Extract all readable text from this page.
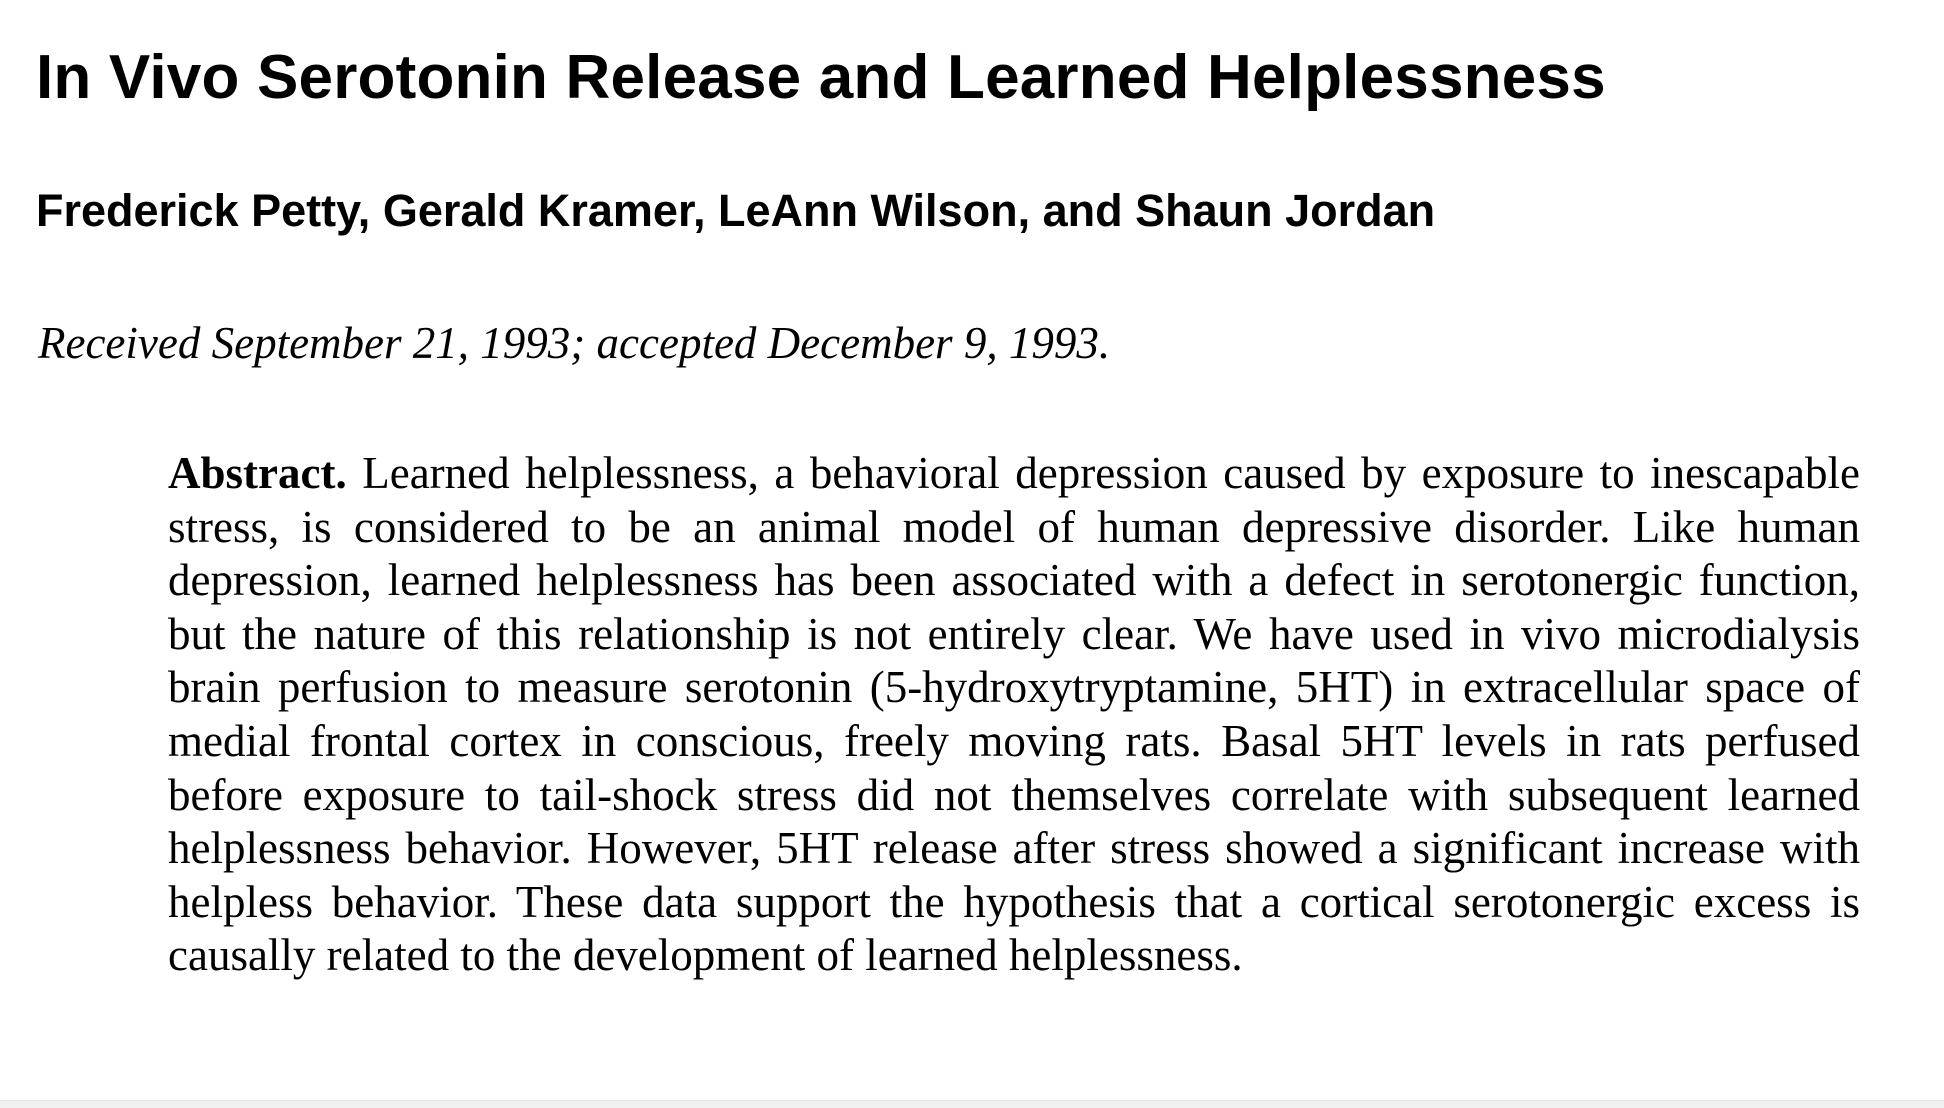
In Vivo Serotonin Release and Learned Helplessness
Frederick Petty, Gerald Kramer, LeAnn Wilson, and Shaun Jordan

Received September 21, 1993; accepted December 9, 1993.

Abstract. Learned helplessness, a behavioral depression caused by exposure to inescapable stress, is considered to be an animal model of human depressive disorder. Like human depression, learned helplessness has been associated with a defect in serotonergic function, but the nature of this relationship is not entirely clear. We have used in vivo microdialysis brain perfusion to measure serotonin (5-hydroxytryptamine, 5HT) in extracellular space of medial frontal cortex in conscious, freely moving rats. Basal 5HT levels in rats perfused before exposure to tail-shock stress did not themselves correlate with subsequent learned helplessness behavior. However, 5HT release after stress showed a significant increase with helpless behavior. These data support the hypothesis that a cortical serotonergic excess is causally related to the development of learned helplessness.
